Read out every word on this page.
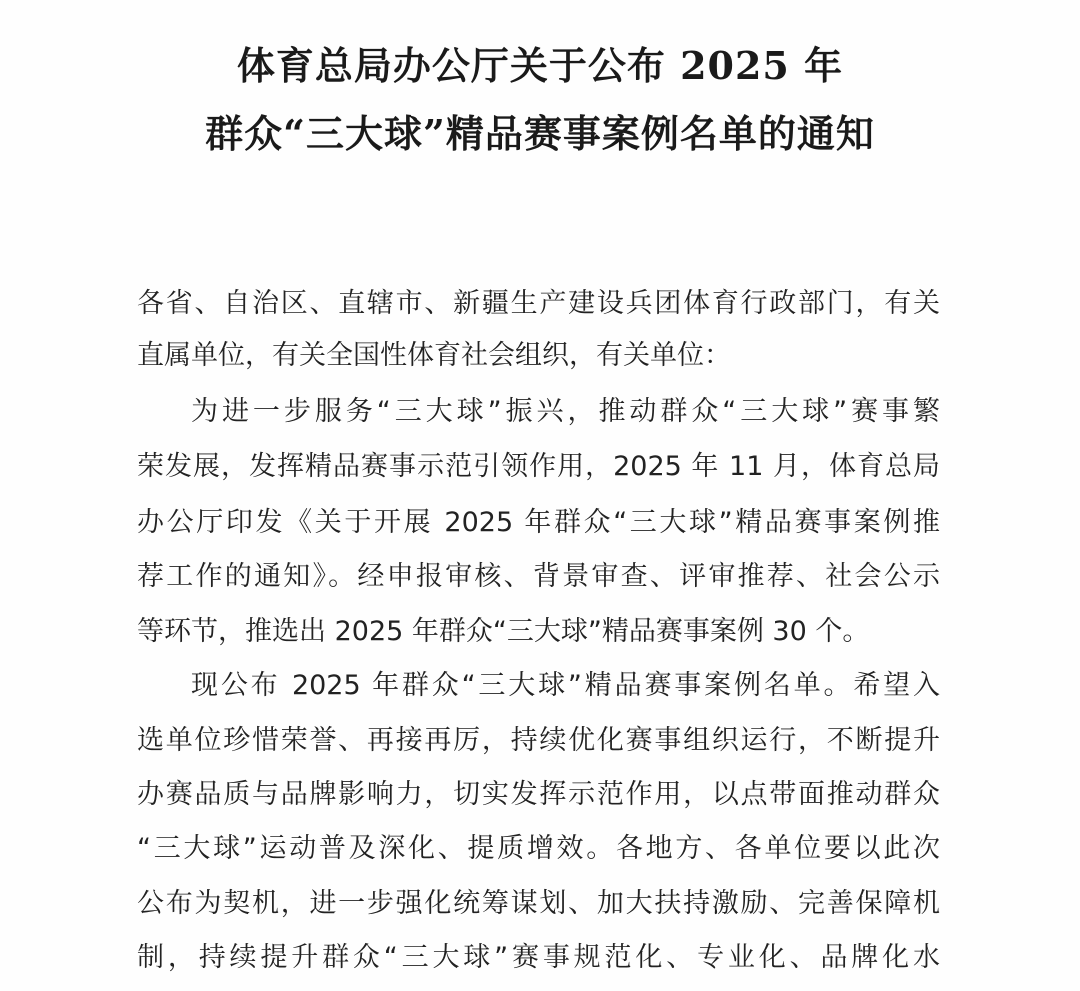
体育总局办公厅关于公布 2025 年
群众“三大球”精品赛事案例名单的通知
各省、自治区、直辖市、新疆生产建设兵团体育行政部门，有关
直属单位，有关全国性体育社会组织，有关单位：
为进一步服务“三大球”振兴，推动群众“三大球”赛事繁
荣发展，发挥精品赛事示范引领作用，2025 年 11 月，体育总局
办公厅印发《关于开展 2025 年群众“三大球”精品赛事案例推
荐工作的通知》。经申报审核、背景审查、评审推荐、社会公示
等环节，推选出 2025 年群众“三大球”精品赛事案例 30 个。
现公布 2025 年群众“三大球”精品赛事案例名单。希望入
选单位珍惜荣誉、再接再厉，持续优化赛事组织运行，不断提升
办赛品质与品牌影响力，切实发挥示范作用，以点带面推动群众
“三大球”运动普及深化、提质增效。各地方、各单位要以此次
公布为契机，进一步强化统筹谋划、加大扶持激励、完善保障机
制，持续提升群众“三大球”赛事规范化、专业化、品牌化水
